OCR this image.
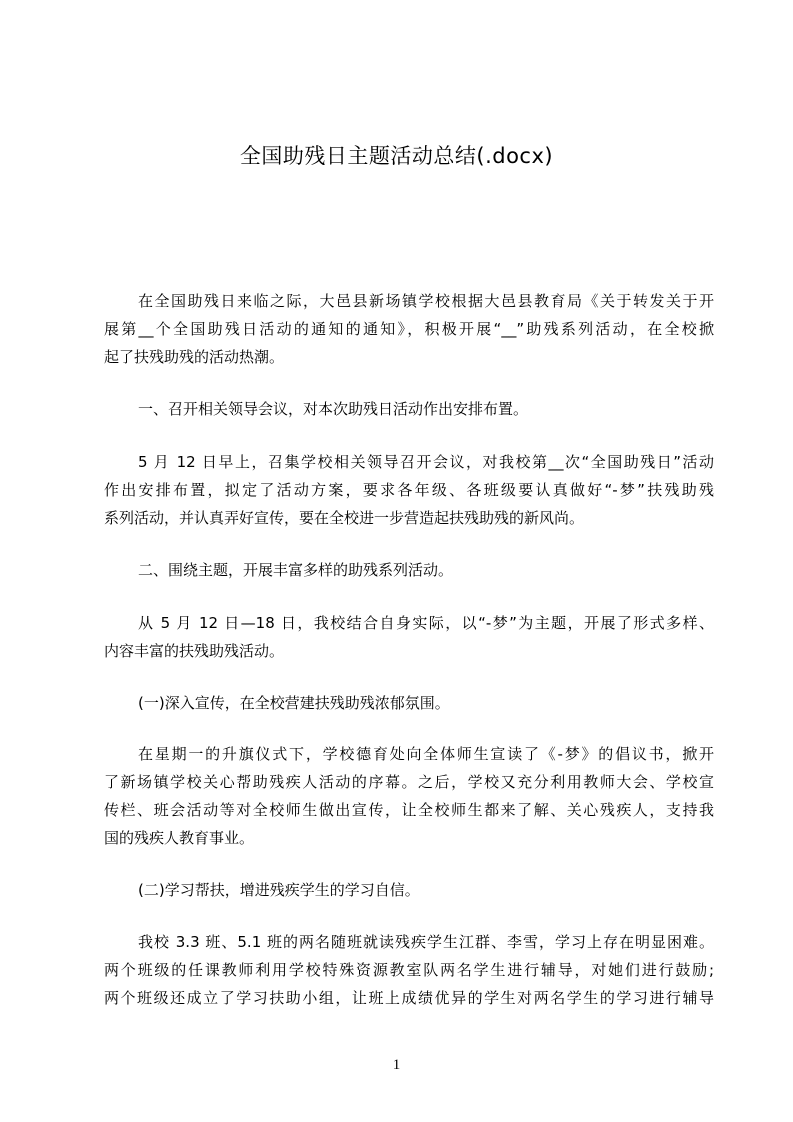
全国助残日主题活动总结(.docx)

在全国助残日来临之际，大邑县新场镇学校根据大邑县教育局《关于转发关于开
展第__个全国助残日活动的通知的通知》，积极开展“__”助残系列活动，在全校掀
起了扶残助残的活动热潮。

一、召开相关领导会议，对本次助残日活动作出安排布置。

5 月 12 日早上，召集学校相关领导召开会议，对我校第__次“全国助残日”活动
作出安排布置，拟定了活动方案，要求各年级、各班级要认真做好“-梦”扶残助残
系列活动，并认真弄好宣传，要在全校进一步营造起扶残助残的新风尚。

二、围绕主题，开展丰富多样的助残系列活动。

从 5 月 12 日—18 日，我校结合自身实际，以“-梦”为主题，开展了形式多样、
内容丰富的扶残助残活动。

(一)深入宣传，在全校营建扶残助残浓郁氛围。

在星期一的升旗仪式下，学校德育处向全体师生宣读了《-梦》的倡议书，掀开
了新场镇学校关心帮助残疾人活动的序幕。之后，学校又充分利用教师大会、学校宣
传栏、班会活动等对全校师生做出宣传，让全校师生都来了解、关心残疾人，支持我
国的残疾人教育事业。

(二)学习帮扶，增进残疾学生的学习自信。

我校 3.3 班、5.1 班的两名随班就读残疾学生江群、李雪，学习上存在明显困难。
两个班级的任课教师利用学校特殊资源教室队两名学生进行辅导，对她们进行鼓励;
两个班级还成立了学习扶助小组，让班上成绩优异的学生对两名学生的学习进行辅导

1
